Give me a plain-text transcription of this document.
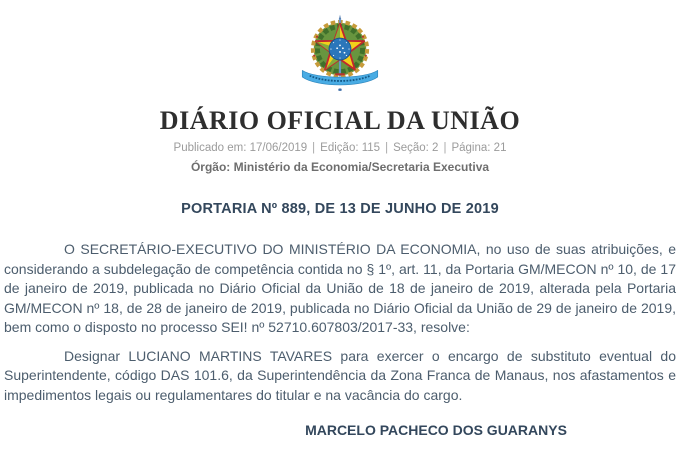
DIÁRIO OFICIAL DA UNIÃO
Publicado em: 17/06/2019 | Edição: 115 | Seção: 2 | Página: 21
Órgão: Ministério da Economia/Secretaria Executiva
PORTARIA Nº 889, DE 13 DE JUNHO DE 2019

O SECRETÁRIO-EXECUTIVO DO MINISTÉRIO DA ECONOMIA, no uso de suas atribuições, e considerando a subdelegação de competência contida no § 1º, art. 11, da Portaria GM/MECON nº 10, de 17 de janeiro de 2019, publicada no Diário Oficial da União de 18 de janeiro de 2019, alterada pela Portaria GM/MECON nº 18, de 28 de janeiro de 2019, publicada no Diário Oficial da União de 29 de janeiro de 2019, bem como o disposto no processo SEI! nº 52710.607803/2017-33, resolve:

Designar LUCIANO MARTINS TAVARES para exercer o encargo de substituto eventual do Superintendente, código DAS 101.6, da Superintendência da Zona Franca de Manaus, nos afastamentos e impedimentos legais ou regulamentares do titular e na vacância do cargo.

MARCELO PACHECO DOS GUARANYS
